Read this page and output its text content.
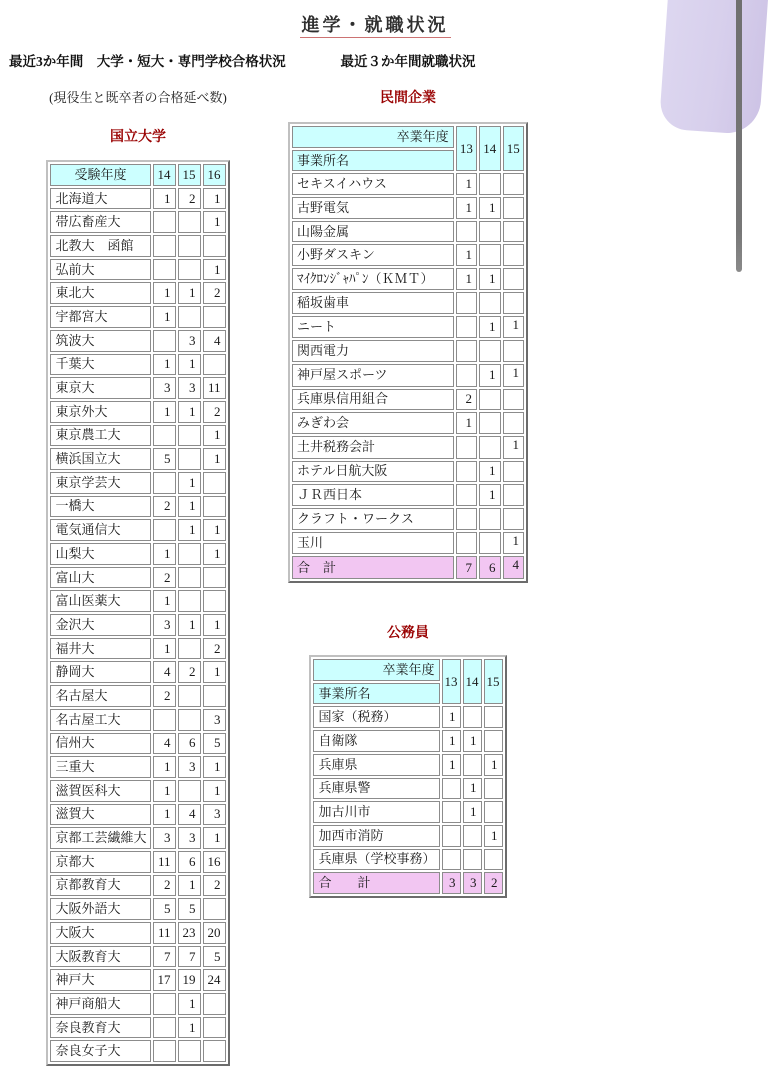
進学・就職状況
最近3か年間　大学・短大・専門学校合格状況
(現役生と既卒者の合格延べ数)
国立大学
受験年度	14	15	16
北海道大	1	2	1
帯広畜産大			1
北教大　函館			
弘前大			1
東北大	1	1	2
宇都宮大	1		
筑波大		3	4
千葉大	1	1	
東京大	3	3	11
東京外大	1	1	2
東京農工大			1
横浜国立大	5		1
東京学芸大		1	
一橋大	2	1	
電気通信大		1	1
山梨大	1		1
富山大	2		
富山医薬大	1		
金沢大	3	1	1
福井大	1		2
静岡大	4	2	1
名古屋大	2		
名古屋工大			3
信州大	4	6	5
三重大	1	3	1
滋賀医科大	1		1
滋賀大	1	4	3
京都工芸繊維大	3	3	1
京都大	11	6	16
京都教育大	2	1	2
大阪外語大	5	5	
大阪大	11	23	20
大阪教育大	7	7	5
神戸大	17	19	24
神戸商船大		1	
奈良教育大		1	
奈良女子大			
最近３か年間就職状況
民間企業
卒業年度	13	14	15
事業所名			
セキスイハウス	1		
古野電気	1	1	
山陽金属			
小野ダスキン	1		
ﾏｲｸﾛﾝｼﾞｬﾊﾟﾝ（ＫＭＴ）	1	1	
稲坂歯車			
ニート		1	1
関西電力			
神戸屋スポーツ		1	1
兵庫県信用組合	2		
みぎわ会	1		
土井税務会計			1
ホテル日航大阪		1	
ＪＲ西日本		1	
クラフト・ワークス			
玉川			1
合　計	7	6	4
公務員
卒業年度	13	14	15
事業所名			
国家（税務）	1		
自衛隊	1	1	
兵庫県	1		1
兵庫県警		1	
加古川市		1	
加西市消防			1
兵庫県（学校事務）			
合　　計	3	3	2
